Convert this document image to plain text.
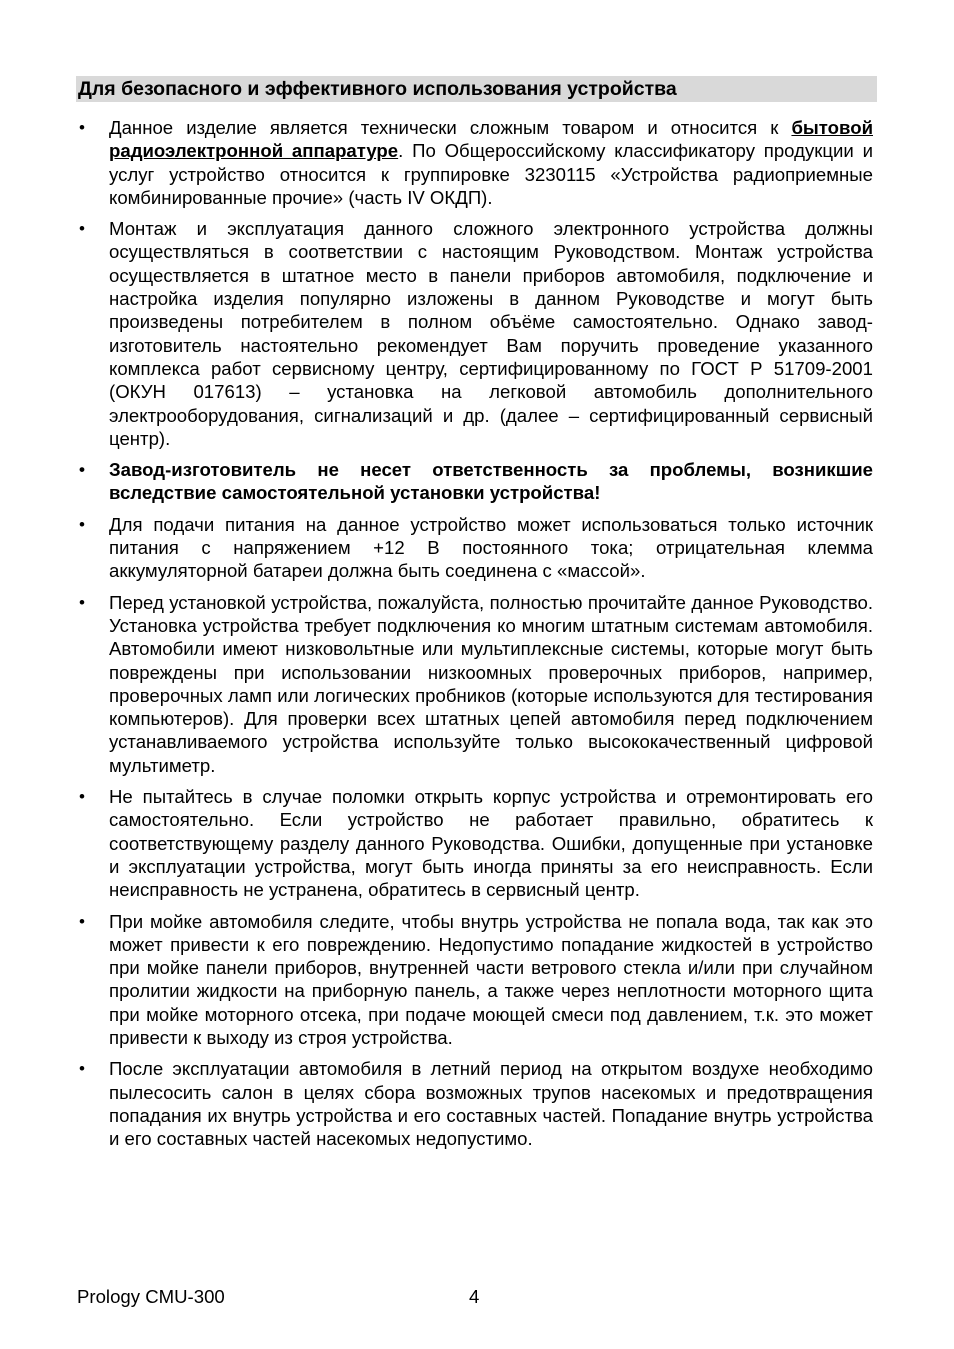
Для безопасного и эффективного использования устройства
• Данное изделие является технически сложным товаром и относится к бытовой радиоэлектронной аппаратуре. По Общероссийскому классификатору продукции и услуг устройство относится к группировке 3230115 «Устройства радиоприемные комбинированные прочие» (часть IV ОКДП).
• Монтаж и эксплуатация данного сложного электронного устройства должны осуществляться в соответствии с настоящим Руководством. Монтаж устройства осуществляется в штатное место в панели приборов автомобиля, подключение и настройка изделия популярно изложены в данном Руководстве и могут быть произведены потребителем в полном объёме самостоятельно. Однако завод-изготовитель настоятельно рекомендует Вам поручить проведение указанного комплекса работ сервисному центру, сертифицированному по ГОСТ Р 51709-2001 (ОКУН 017613) – установка на легковой автомобиль дополнительного электрооборудования, сигнализаций и др. (далее – сертифицированный сервисный центр).
• Завод-изготовитель не несет ответственность за проблемы, возникшие вследствие самостоятельной установки устройства!
• Для подачи питания на данное устройство может использоваться только источник питания с напряжением +12 В постоянного тока; отрицательная клемма аккумуляторной батареи должна быть соединена с «массой».
• Перед установкой устройства, пожалуйста, полностью прочитайте данное Руководство. Установка устройства требует подключения ко многим штатным системам автомобиля. Автомобили имеют низковольтные или мультиплексные системы, которые могут быть повреждены при использовании низкоомных проверочных приборов, например, проверочных ламп или логических пробников (которые используются для тестирования компьютеров). Для проверки всех штатных цепей автомобиля перед подключением устанавливаемого устройства используйте только высококачественный цифровой мультиметр.
• Не пытайтесь в случае поломки открыть корпус устройства и отремонтировать его самостоятельно. Если устройство не работает правильно, обратитесь к соответствующему разделу данного Руководства. Ошибки, допущенные при установке и эксплуатации устройства, могут быть иногда приняты за его неисправность. Если неисправность не устранена, обратитесь в сервисный центр.
• При мойке автомобиля следите, чтобы внутрь устройства не попала вода, так как это может привести к его повреждению. Недопустимо попадание жидкостей в устройство при мойке панели приборов, внутренней части ветрового стекла и/или при случайном пролитии жидкости на приборную панель, а также через неплотности моторного щита при мойке моторного отсека, при подаче моющей смеси под давлением, т.к. это может привести к выходу из строя устройства.
• После эксплуатации автомобиля в летний период на открытом воздухе необходимо пылесосить салон в целях сбора возможных трупов насекомых и предотвращения попадания их внутрь устройства и его составных частей. Попадание внутрь устройства и его составных частей насекомых недопустимо.
Prology CMU-300	4
